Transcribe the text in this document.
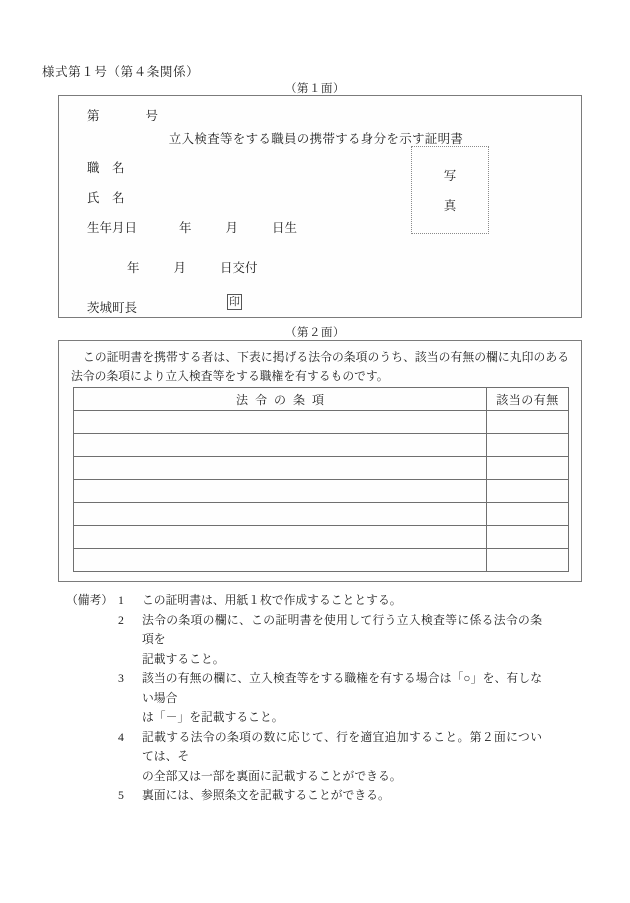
様式第１号（第４条関係）
（第１面）
第	号
立入検査等をする職員の携帯する身分を示す証明書
職　名
氏　名
生年月日	年	月	日生
年	月	日交付
茨城町長	印
写
真
（第２面）
この証明書を携帯する者は、下表に掲げる法令の条項のうち、該当の有無の欄に丸印のある法令の条項により立入検査等をする職権を有するものです。
法令の条項	該当の有無

（備考） 1	この証明書は、用紙１枚で作成することとする。
2	法令の条項の欄に、この証明書を使用して行う立入検査等に係る法令の条項を
記載すること。
3	該当の有無の欄に、立入検査等をする職権を有する場合は「○」を、有しない場合
は「－」を記載すること。
4	記載する法令の条項の数に応じて、行を適宜追加すること。第２面については、そ
の全部又は一部を裏面に記載することができる。
5	裏面には、参照条文を記載することができる。
